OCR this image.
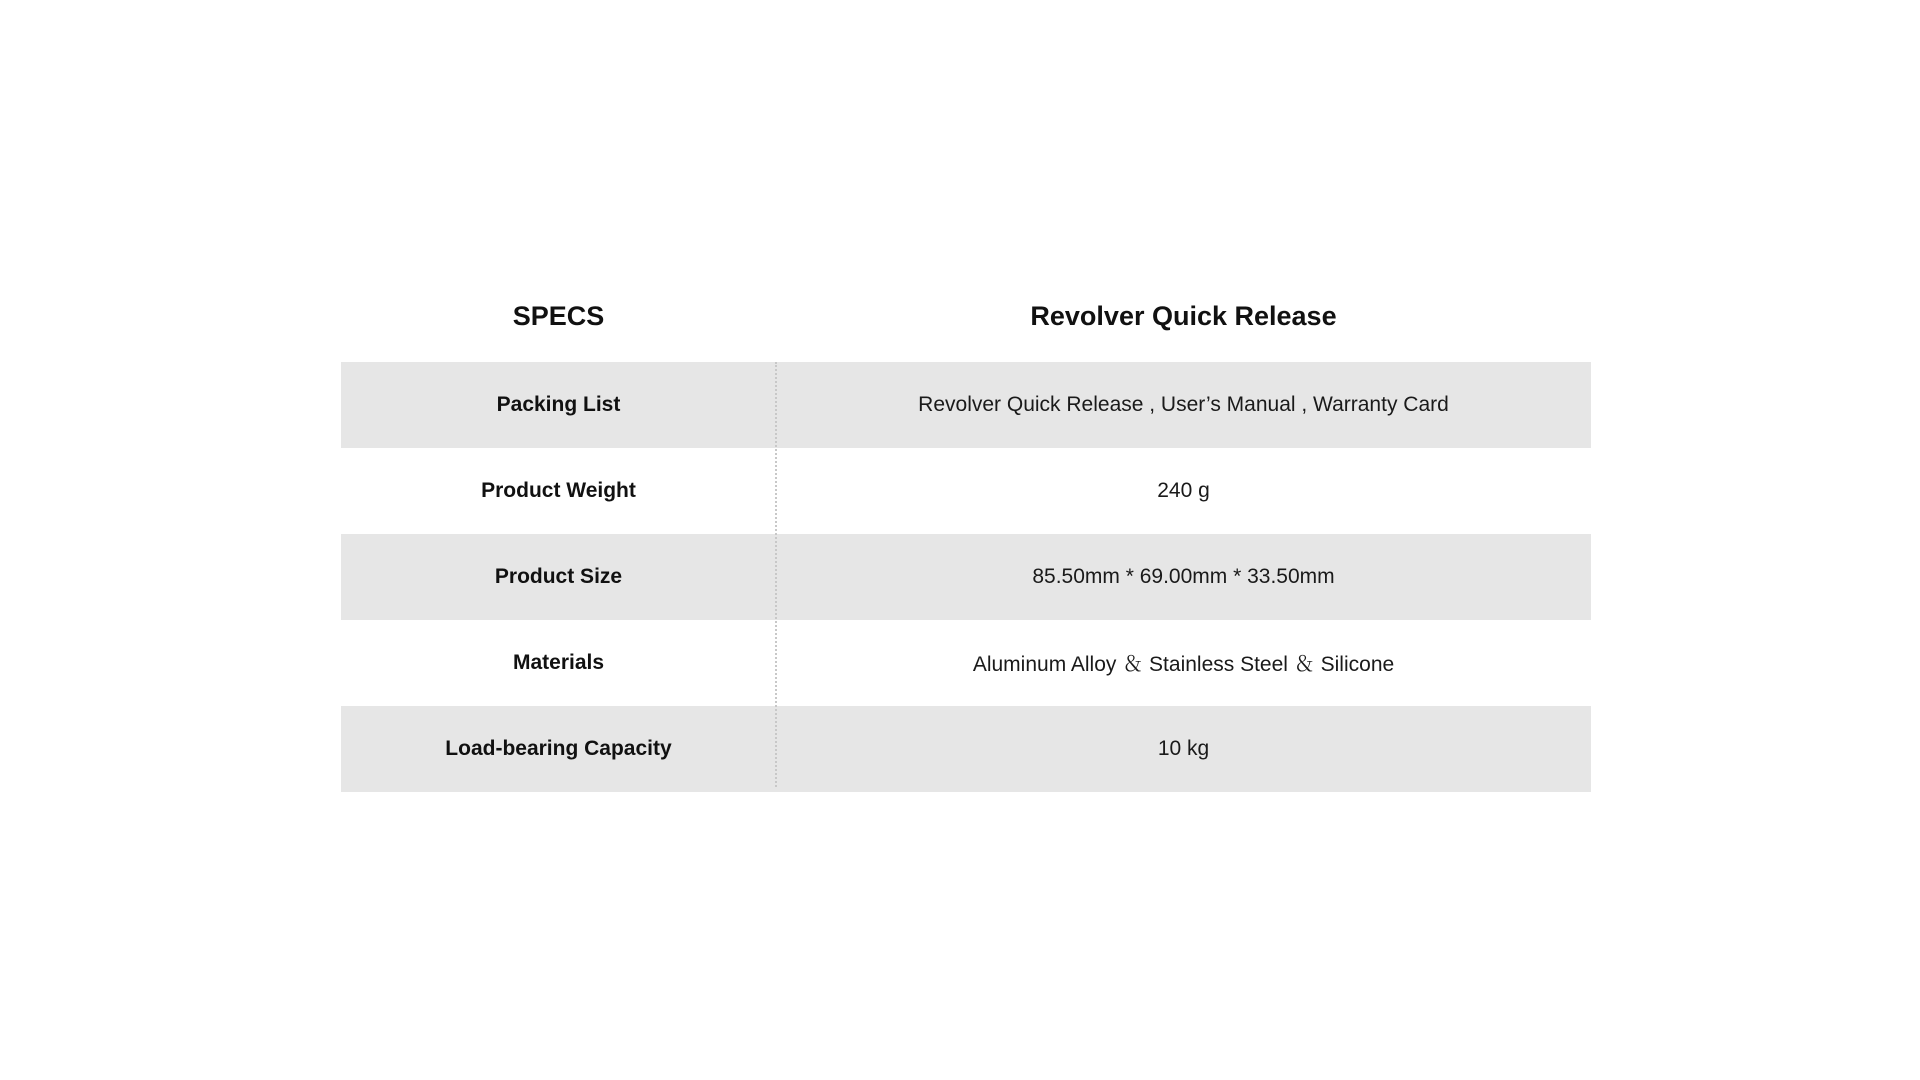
SPECS	Revolver Quick Release
Packing List	Revolver Quick Release , User’s Manual , Warranty Card
Product Weight	240 g
Product Size	85.50mm * 69.00mm * 33.50mm
Materials	Aluminum Alloy ＆ Stainless Steel ＆ Silicone
Load-bearing Capacity	10 kg
